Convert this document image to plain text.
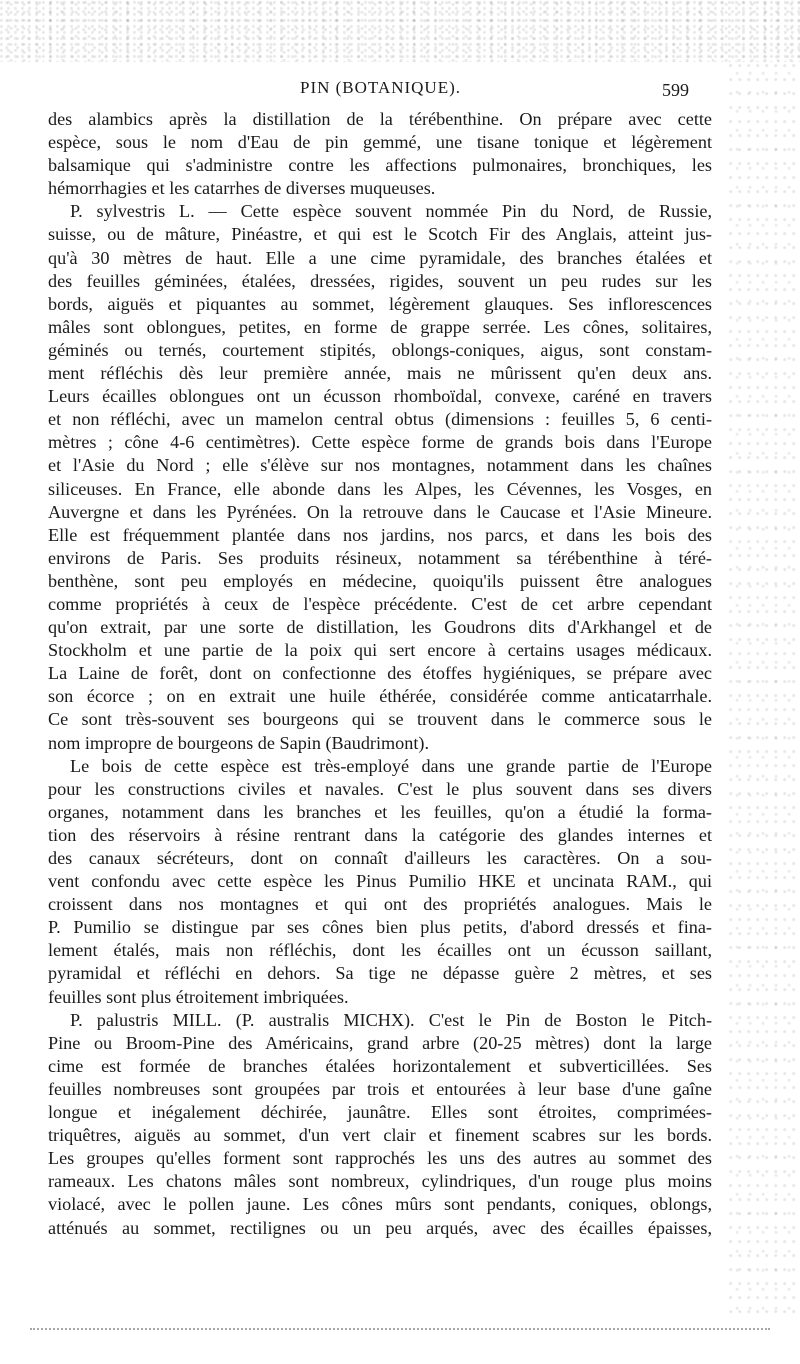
PIN (BOTANIQUE).	599
des alambics après la distillation de la térébenthine. On prépare avec cette
espèce, sous le nom d'Eau de pin gemmé, une tisane tonique et légèrement
balsamique qui s'administre contre les affections pulmonaires, bronchiques, les
hémorrhagies et les catarrhes de diverses muqueuses.
P. sylvestris L. — Cette espèce souvent nommée Pin du Nord, de Russie,
suisse, ou de mâture, Pinéastre, et qui est le Scotch Fir des Anglais, atteint jus-
qu'à 30 mètres de haut. Elle a une cime pyramidale, des branches étalées et
des feuilles géminées, étalées, dressées, rigides, souvent un peu rudes sur les
bords, aiguës et piquantes au sommet, légèrement glauques. Ses inflorescences
mâles sont oblongues, petites, en forme de grappe serrée. Les cônes, solitaires,
géminés ou ternés, courtement stipités, oblongs-coniques, aigus, sont constam-
ment réfléchis dès leur première année, mais ne mûrissent qu'en deux ans.
Leurs écailles oblongues ont un écusson rhomboïdal, convexe, caréné en travers
et non réfléchi, avec un mamelon central obtus (dimensions : feuilles 5, 6 centi-
mètres ; cône 4-6 centimètres). Cette espèce forme de grands bois dans l'Europe
et l'Asie du Nord ; elle s'élève sur nos montagnes, notamment dans les chaînes
siliceuses. En France, elle abonde dans les Alpes, les Cévennes, les Vosges, en
Auvergne et dans les Pyrénées. On la retrouve dans le Caucase et l'Asie Mineure.
Elle est fréquemment plantée dans nos jardins, nos parcs, et dans les bois des
environs de Paris. Ses produits résineux, notamment sa térébenthine à téré-
benthène, sont peu employés en médecine, quoiqu'ils puissent être analogues
comme propriétés à ceux de l'espèce précédente. C'est de cet arbre cependant
qu'on extrait, par une sorte de distillation, les Goudrons dits d'Arkhangel et de
Stockholm et une partie de la poix qui sert encore à certains usages médicaux.
La Laine de forêt, dont on confectionne des étoffes hygiéniques, se prépare avec
son écorce ; on en extrait une huile éthérée, considérée comme anticatarrhale.
Ce sont très-souvent ses bourgeons qui se trouvent dans le commerce sous le
nom impropre de bourgeons de Sapin (Baudrimont).
Le bois de cette espèce est très-employé dans une grande partie de l'Europe
pour les constructions civiles et navales. C'est le plus souvent dans ses divers
organes, notamment dans les branches et les feuilles, qu'on a étudié la forma-
tion des réservoirs à résine rentrant dans la catégorie des glandes internes et
des canaux sécréteurs, dont on connaît d'ailleurs les caractères. On a sou-
vent confondu avec cette espèce les Pinus Pumilio HKE et uncinata RAM., qui
croissent dans nos montagnes et qui ont des propriétés analogues. Mais le
P. Pumilio se distingue par ses cônes bien plus petits, d'abord dressés et fina-
lement étalés, mais non réfléchis, dont les écailles ont un écusson saillant,
pyramidal et réfléchi en dehors. Sa tige ne dépasse guère 2 mètres, et ses
feuilles sont plus étroitement imbriquées.
P. palustris MILL. (P. australis MICHX). C'est le Pin de Boston le Pitch-
Pine ou Broom-Pine des Américains, grand arbre (20-25 mètres) dont la large
cime est formée de branches étalées horizontalement et subverticillées. Ses
feuilles nombreuses sont groupées par trois et entourées à leur base d'une gaîne
longue et inégalement déchirée, jaunâtre. Elles sont étroites, comprimées-
triquêtres, aiguës au sommet, d'un vert clair et finement scabres sur les bords.
Les groupes qu'elles forment sont rapprochés les uns des autres au sommet des
rameaux. Les chatons mâles sont nombreux, cylindriques, d'un rouge plus moins
violacé, avec le pollen jaune. Les cônes mûrs sont pendants, coniques, oblongs,
atténués au sommet, rectilignes ou un peu arqués, avec des écailles épaisses,
